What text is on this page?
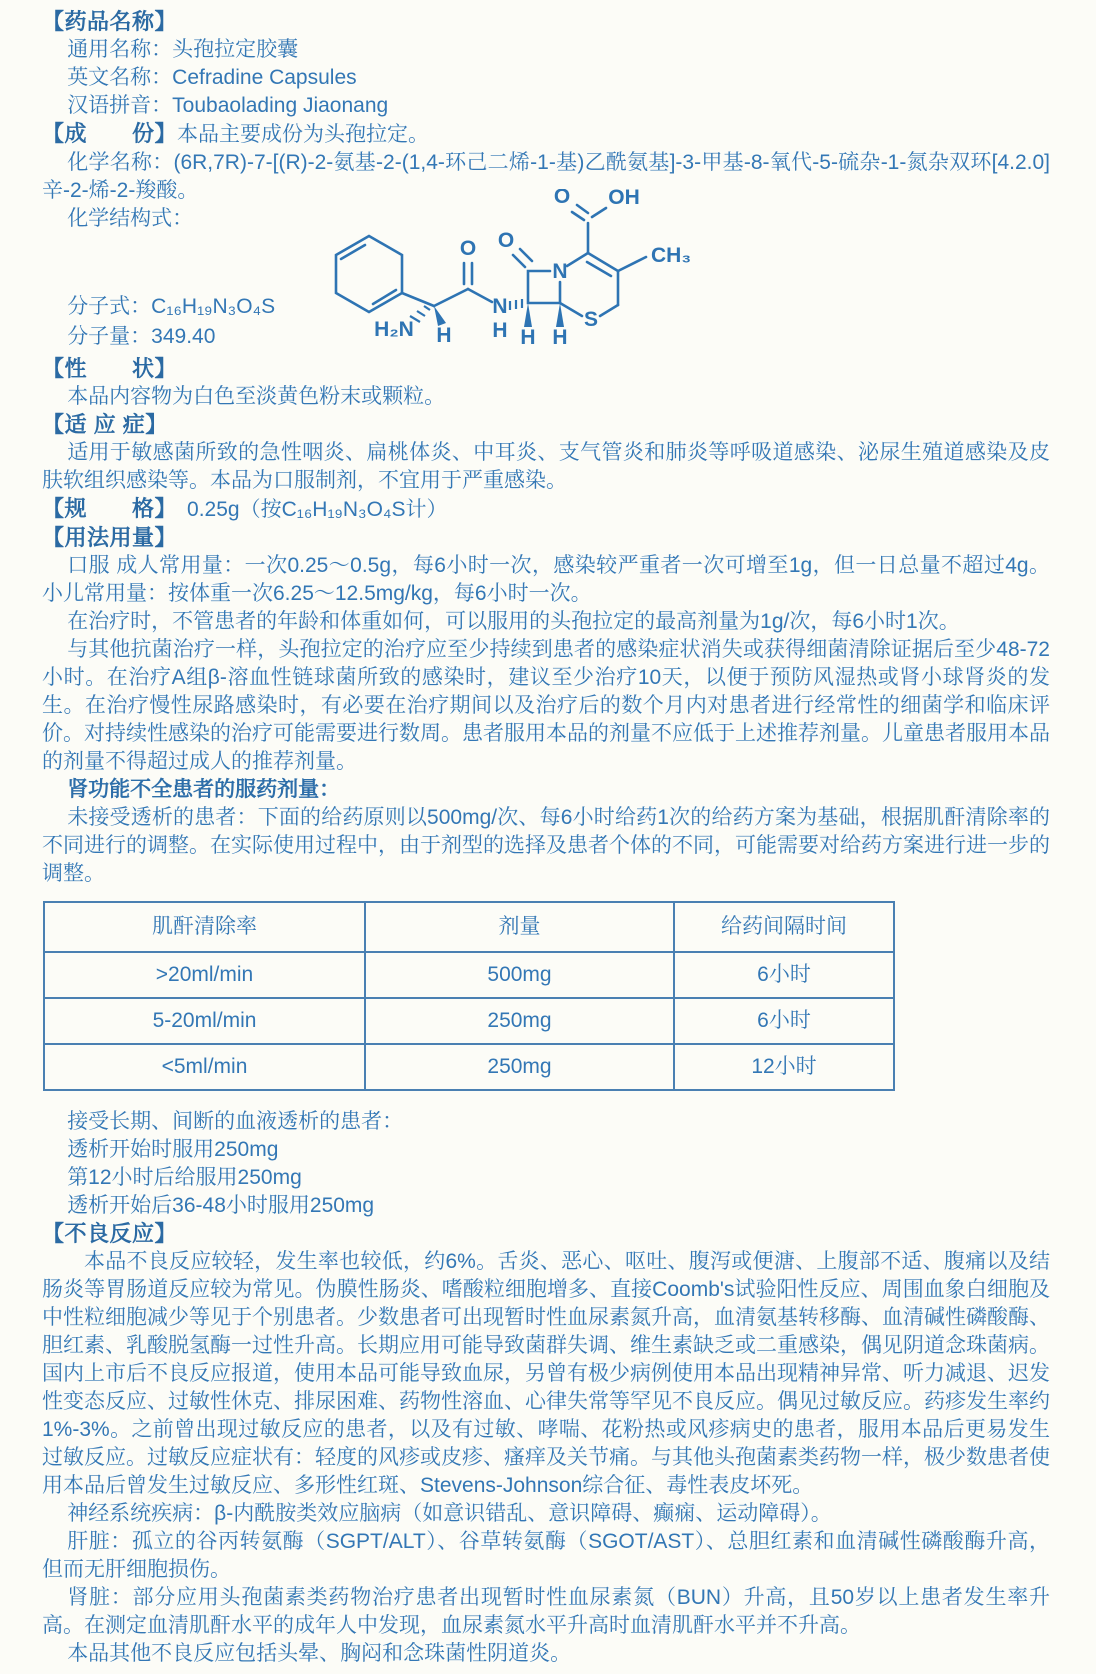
【药品名称】

通用名称：头孢拉定胶囊

英文名称：Cefradine Capsules

汉语拼音：Toubaolading Jiaonang

【成　　份】本品主要成份为头孢拉定。

化学名称：(6R,7R)-7-[(R)-2-氨基-2-(1,4-环己二烯-1-基)乙酰氨基]-3-甲基-8-氧代-5-硫杂-1-氮杂双环[4.2.0]辛-2-烯-2-羧酸。

化学结构式：

分子式：C₁₆H₁₉N₃O₄S

分子量：349.40	H₂N H
O
N
H
O
N
O OH
CH₃
S
H H

【性　　状】

本品内容物为白色至淡黄色粉末或颗粒。

【适 应 症】

适用于敏感菌所致的急性咽炎、扁桃体炎、中耳炎、支气管炎和肺炎等呼吸道感染、泌尿生殖道感染及皮肤软组织感染等。本品为口服制剂，不宜用于严重感染。

【规　　格】 0.25g（按C₁₆H₁₉N₃O₄S计）

【用法用量】

口服 成人常用量：一次0.25～0.5g，每6小时一次，感染较严重者一次可增至1g，但一日总量不超过4g。小儿常用量：按体重一次6.25～12.5mg/kg，每6小时一次。

在治疗时，不管患者的年龄和体重如何，可以服用的头孢拉定的最高剂量为1g/次，每6小时1次。

与其他抗菌治疗一样，头孢拉定的治疗应至少持续到患者的感染症状消失或获得细菌清除证据后至少48-72小时。在治疗A组β-溶血性链球菌所致的感染时，建议至少治疗10天，以便于预防风湿热或肾小球肾炎的发生。在治疗慢性尿路感染时，有必要在治疗期间以及治疗后的数个月内对患者进行经常性的细菌学和临床评价。对持续性感染的治疗可能需要进行数周。患者服用本品的剂量不应低于上述推荐剂量。儿童患者服用本品的剂量不得超过成人的推荐剂量。

肾功能不全患者的服药剂量：

未接受透析的患者：下面的给药原则以500mg/次、每6小时给药1次的给药方案为基础，根据肌酐清除率的不同进行的调整。在实际使用过程中，由于剂型的选择及患者个体的不同，可能需要对给药方案进行进一步的调整。

肌酐清除率	剂量	给药间隔时间
>20ml/min	500mg	6小时
5-20ml/min	250mg	6小时
<5ml/min	250mg	12小时

接受长期、间断的血液透析的患者：

透析开始时服用250mg

第12小时后给服用250mg

透析开始后36-48小时服用250mg

【不良反应】

本品不良反应较轻，发生率也较低，约6%。舌炎、恶心、呕吐、腹泻或便溏、上腹部不适、腹痛以及结肠炎等胃肠道反应较为常见。伪膜性肠炎、嗜酸粒细胞增多、直接Coomb's试验阳性反应、周围血象白细胞及中性粒细胞减少等见于个别患者。少数患者可出现暂时性血尿素氮升高，血清氨基转移酶、血清碱性磷酸酶、胆红素、乳酸脱氢酶一过性升高。长期应用可能导致菌群失调、维生素缺乏或二重感染，偶见阴道念珠菌病。国内上市后不良反应报道，使用本品可能导致血尿，另曾有极少病例使用本品出现精神异常、听力减退、迟发性变态反应、过敏性休克、排尿困难、药物性溶血、心律失常等罕见不良反应。偶见过敏反应。药疹发生率约1%-3%。之前曾出现过敏反应的患者，以及有过敏、哮喘、花粉热或风疹病史的患者，服用本品后更易发生过敏反应。过敏反应症状有：轻度的风疹或皮疹、瘙痒及关节痛。与其他头孢菌素类药物一样，极少数患者使用本品后曾发生过敏反应、多形性红斑、Stevens-Johnson综合征、毒性表皮坏死。

神经系统疾病：β-内酰胺类效应脑病（如意识错乱、意识障碍、癫痫、运动障碍）。

肝脏：孤立的谷丙转氨酶（SGPT/ALT）、谷草转氨酶（SGOT/AST）、总胆红素和血清碱性磷酸酶升高，但而无肝细胞损伤。

肾脏：部分应用头孢菌素类药物治疗患者出现暂时性血尿素氮（BUN）升高，且50岁以上患者发生率升高。在测定血清肌酐水平的成年人中发现，血尿素氮水平升高时血清肌酐水平并不升高。

本品其他不良反应包括头晕、胸闷和念珠菌性阴道炎。
